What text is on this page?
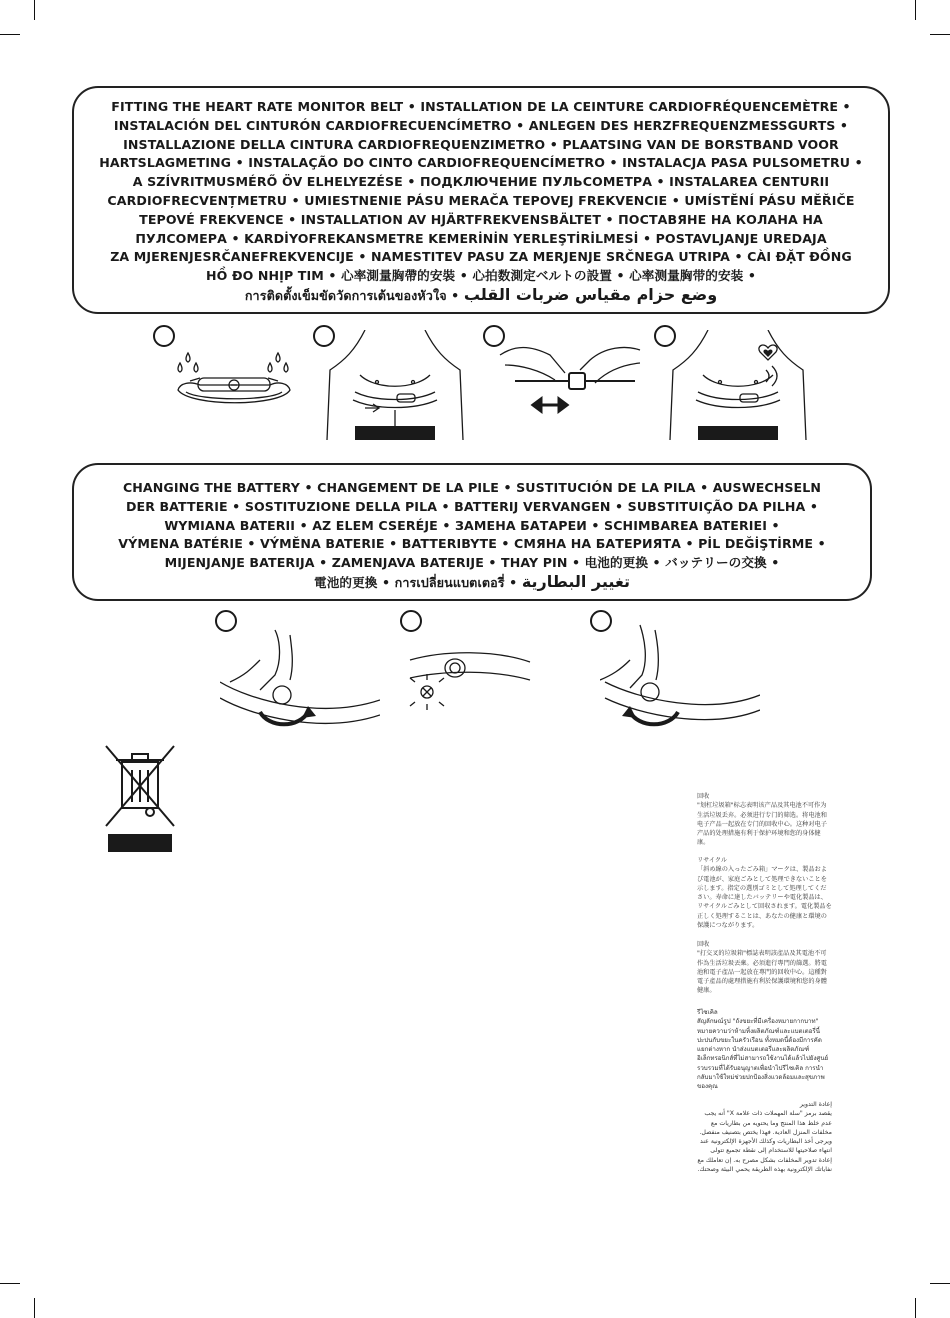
FITTING THE HEART RATE MONITOR BELT • INSTALLATION DE LA CEINTURE CARDIOFRÉQUENCEMÈTRE •
INSTALACIÓN DEL CINTURÓN CARDIOFRECUENCÍMETRO • ANLEGEN DES HERZFREQUENZMESSGURTS •
INSTALLAZIONE DELLA CINTURA CARDIOFREQUENZIMETRO • PLAATSING VAN DE BORSTBAND VOOR
HARTSLAGMETING • INSTALAÇÃO DO CINTO CARDIOFREQUENCÍMETRO • INSTALACJA PASA PULSOMETRU •
A SZÍVRITMUSMÉRŐ ÖV ELHELYEZÉSE • ПОДКЛЮЧЕНИЕ ПУЛЬСОМЕТРА • INSTALAREA CENTURII
CARDIOFRECVENȚMETRU • UMIESTNENIE PÁSU MERAČA TEPOVEJ FREKVENCIE • UMÍSTĚNÍ PÁSU MĚŘIČE
TEPOVÉ FREKVENCE • INSTALLATION AV HJÄRTFREKVENSBÄLTET • ПОСТАВЯНЕ НА КОЛАНА НА
ПУЛСОМЕРА • KARDİYOFREKANSMETRE KEMERİNİN YERLEŞTİRİLMESİ • POSTAVLJANJE UREDAJA
ZA MJERENJESRČANEFREKVENCIJE • NAMESTITEV PASU ZA MERJENJE SRČNEGA UTRIPA • CÀI ĐẶT ĐỒNG
HỒ ĐO NHỊP TIM • 心率測量胸帶的安裝 • 心拍数測定ベルトの設置 • 心率测量胸带的安装 •
การติดตั้งเข็มขัดวัดการเต้นของหัวใจ • وضع حزام مقياس ضربات القلب
CHANGING THE BATTERY • CHANGEMENT DE LA PILE • SUSTITUCIÓN DE LA PILA • AUSWECHSELN
DER BATTERIE • SOSTITUZIONE DELLA PILA • BATTERIJ VERVANGEN • SUBSTITUIÇÃO DA PILHA •
WYMIANA BATERII • AZ ELEM CSERÉJE • ЗАМЕНА БАТАРЕИ • SCHIMBAREA BATERIEI •
VÝMENA BATÉRIE • VÝMĚNA BATERIE • BATTERIBYTE • СМЯНА НА БАТЕРИЯТА • PİL DEĞİŞTİRME •
MIJENJANJE BATERIJA • ZAMENJAVA BATERIJE • THAY PIN • 电池的更换 • バッテリーの交換 •
電池的更換 • การเปลี่ยนแบตเตอรี่ • تغيير البطارية
回收
"划杠垃圾箱"标志表明该产品及其电池不可作为生活垃圾丢弃。必须进行专门的筛选。将电池和电子产品一起放在专门的回收中心。这种对电子产品的处理措施有利于保护环境和您的身体健康。
リサイクル
「斜め線の入ったごみ箱」マークは、製品および電池が、家庭ごみとして処理できないことを示します。指定の選別ゴミとして処理してください。寿命に達したバッテリーや電化製品は、リサイクルごみとして回収されます。電化製品を正しく処理することは、あなたの健康と環境の保護につながります。
回收
"打交叉的垃圾箱"標誌表明該產品及其電池不可作為生活垃圾丟棄。必須進行專門的篩選。將電池和電子產品一起放在專門的回收中心。這種對電子產品的處理措施有利於保護環境和您的身體健康。
รีไซเคิล
สัญลักษณ์รูป "ถังขยะที่มีเครื่องหมายกากบาท" หมายความว่าห้ามทิ้งผลิตภัณฑ์และแบตเตอรี่นี้ปะปนกับขยะในครัวเรือน ทั้งหมดนี้ต้องมีการคัดแยกต่างหาก นำส่งแบตเตอรี่และผลิตภัณฑ์อิเล็กทรอนิกส์ที่ไม่สามารถใช้งานได้แล้วไปยังศูนย์รวบรวมที่ได้รับอนุญาตเพื่อนำไปรีไซเคิล การนำกลับมาใช้ใหม่ช่วยปกป้องสิ่งแวดล้อมและสุขภาพของคุณ
إعادة التدوير
يقصد برمز "سلة المهملات ذات علامة X" أنه يجب عدم خلط هذا المنتج وما يحتويه من بطاريات مع مخلفات المنزل العادية. فهذا يختص بتصنيف منفصل. ويرجى أخذ البطاريات وكذلك الأجهزة الإلكترونية عند انتهاء صلاحيتها للاستخدام إلى نقطة تجميع تتولى إعادة تدوير المخلفات بشكل مصرح به. إن تعاملك مع نفاياتك الإلكترونية بهذه الطريقة يحمي البيئة وصحتك.
